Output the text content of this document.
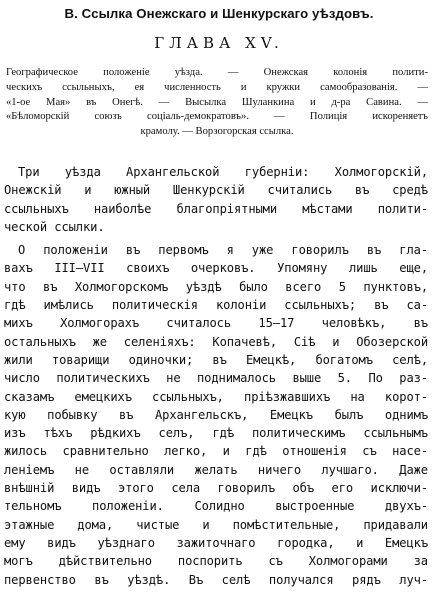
B. Ссылка Онежскаго и Шенкурскаго уѣздовъ.
ГЛАВА XV.
Географическое положеніе уѣзда. — Онежская колонія полити-
ческихъ ссыльныхъ, ея численность и кружки самообразованія. —
«1-ое Мая» въ Онегѣ. — Высылка Шуланкина и д-ра Савина. —
«Бѣломорскій союзъ соціаль-демократовъ». — Полиція искореняетъ
крамолу. — Ворзогорская ссылка.
Три уѣзда Архангельской губерніи: Холмогорскій,
Онежскій и южный Шенкурскій считались въ средѣ
ссыльныхъ наиболѣе благопріятными мѣстами полити-
ческой ссылки.
О положеніи въ первомъ я уже говорилъ въ гла-
вахъ III—VII своихъ очерковъ. Упомяну лишь еще,
что въ Холмогорскомъ уѣздѣ было всего 5 пунктовъ,
гдѣ имѣлись политическія колоніи ссыльныхъ; въ са-
михъ Холмогорахъ считалось 15—17 человѣкъ, въ
остальныхъ же селеніяхъ: Копачевѣ, Сіѣ и Обозерской
жили товарищи одиночки; въ Емецкѣ, богатомъ селѣ,
число политическихъ не поднималось выше 5. По раз-
сказамъ емецкихъ ссыльныхъ, пріѣзжавшихъ на корот-
кую побывку въ Архангельскъ, Емецкъ былъ однимъ
изъ тѣхъ рѣдкихъ селъ, гдѣ политическимъ ссыльнымъ
жилось сравнительно легко, и гдѣ отношенія съ насе-
леніемъ не оставляли желать ничего лучшаго. Даже
внѣшній видъ этого села говорилъ объ его исключи-
тельномъ положеніи. Солидно выстроенные двухъ-
этажные дома, чистые и помѣстительные, придавали
ему видъ уѣзднаго зажиточнаго городка, и Емецкъ
могъ дѣйствительно поспорить съ Холмогорами за
первенство въ уѣздѣ. Въ селѣ получался рядъ луч-
